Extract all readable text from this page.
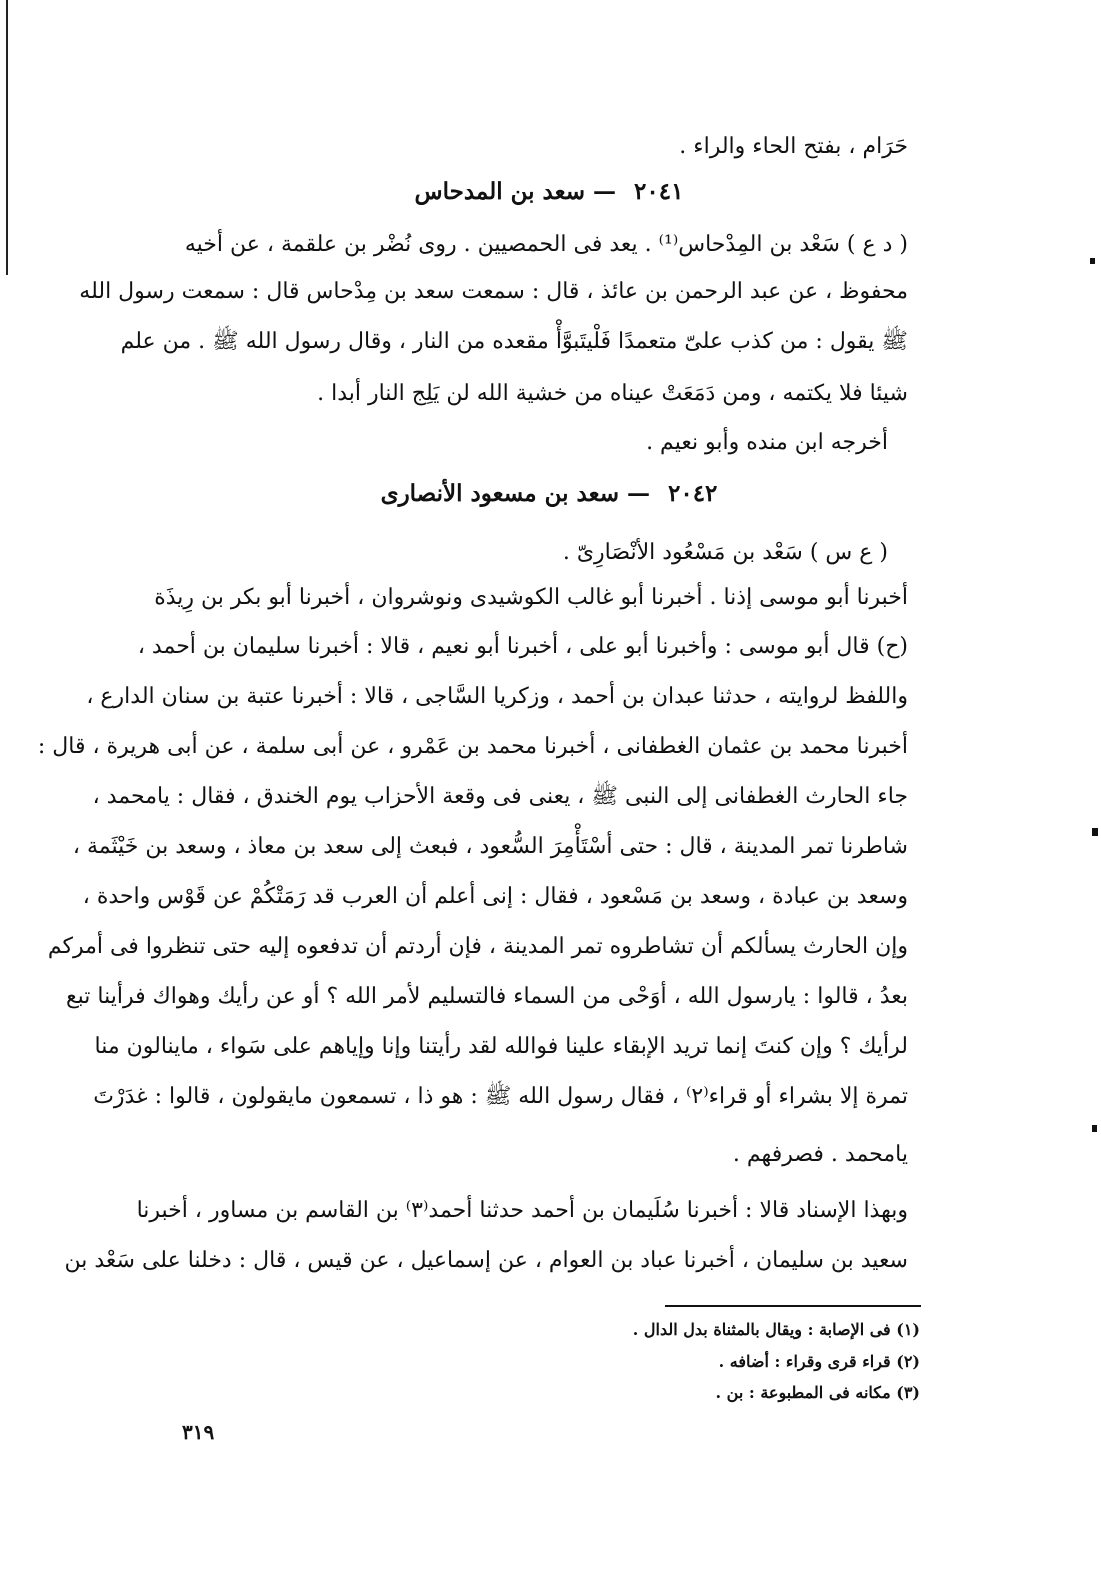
حَرَام ، بفتح الحاء والراء .
٢٠٤١ — سعد بن المدحاس
( د ع ) سَعْد بن المِدْحاس⁽¹⁾ . يعد فى الحمصيين . روى نُضْر بن علقمة ، عن أخيه
محفوظ ، عن عبد الرحمن بن عائذ ، قال : سمعت سعد بن مِدْحاس قال : سمعت رسول الله
ﷺ يقول : من كذب علىّ متعمدًا فَلْيتَبوَّأْ مقعده من النار ، وقال رسول الله ﷺ . من علم
شيئا فلا يكتمه ، ومن دَمَعَتْ عيناه من خشية الله لن يَلِج النار أبدا .
أخرجه ابن منده وأبو نعيم .
٢٠٤٢ — سعد بن مسعود الأنصارى
( ع س ) سَعْد بن مَسْعُود الأنْصَارِىّ .
أخبرنا أبو موسى إذنا . أخبرنا أبو غالب الكوشيدى ونوشروان ، أخبرنا أبو بكر بن رِيذَة
(ح) قال أبو موسى : وأخبرنا أبو على ، أخبرنا أبو نعيم ، قالا : أخبرنا سليمان بن أحمد ،
واللفظ لروايته ، حدثنا عبدان بن أحمد ، وزكريا السَّاجى ، قالا : أخبرنا عتبة بن سنان الدارع ،
أخبرنا محمد بن عثمان الغطفانى ، أخبرنا محمد بن عَمْرو ، عن أبى سلمة ، عن أبى هريرة ، قال :
جاء الحارث الغطفانى إلى النبى ﷺ ، يعنى فى وقعة الأحزاب يوم الخندق ، فقال : يامحمد ،
شاطرنا تمر المدينة ، قال : حتى أسْتَأْمِرَ السُّعود ، فبعث إلى سعد بن معاذ ، وسعد بن خَيْثَمة ،
وسعد بن عبادة ، وسعد بن مَسْعود ، فقال : إنى أعلم أن العرب قد رَمَتْكُمْ عن قَوْس واحدة ،
وإن الحارث يسألكم أن تشاطروه تمر المدينة ، فإن أردتم أن تدفعوه إليه حتى تنظروا فى أمركم
بعدُ ، قالوا : يارسول الله ، أوَحْى من السماء فالتسليم لأمر الله ؟ أو عن رأيك وهواك فرأينا تبع
لرأيك ؟ وإن كنتَ إنما تريد الإبقاء علينا فوالله لقد رأيتنا وإنا وإياهم على سَواء ، ماينالون منا
تمرة إلا بشراء أو قراء⁽٢⁾ ، فقال رسول الله ﷺ : هو ذا ، تسمعون مايقولون ، قالوا : غدَرْتَ
يامحمد . فصرفهم .
وبهذا الإسناد قالا : أخبرنا سُلَيمان بن أحمد حدثنا أحمد⁽٣⁾ بن القاسم بن مساور ، أخبرنا
سعيد بن سليمان ، أخبرنا عباد بن العوام ، عن إسماعيل ، عن قيس ، قال : دخلنا على سَعْد بن
(١) فى الإصابة : ويقال بالمثناة بدل الدال .
(٢) قراء قرى وقراء : أضافه .
(٣) مكانه فى المطبوعة : بن .
٣١٩
